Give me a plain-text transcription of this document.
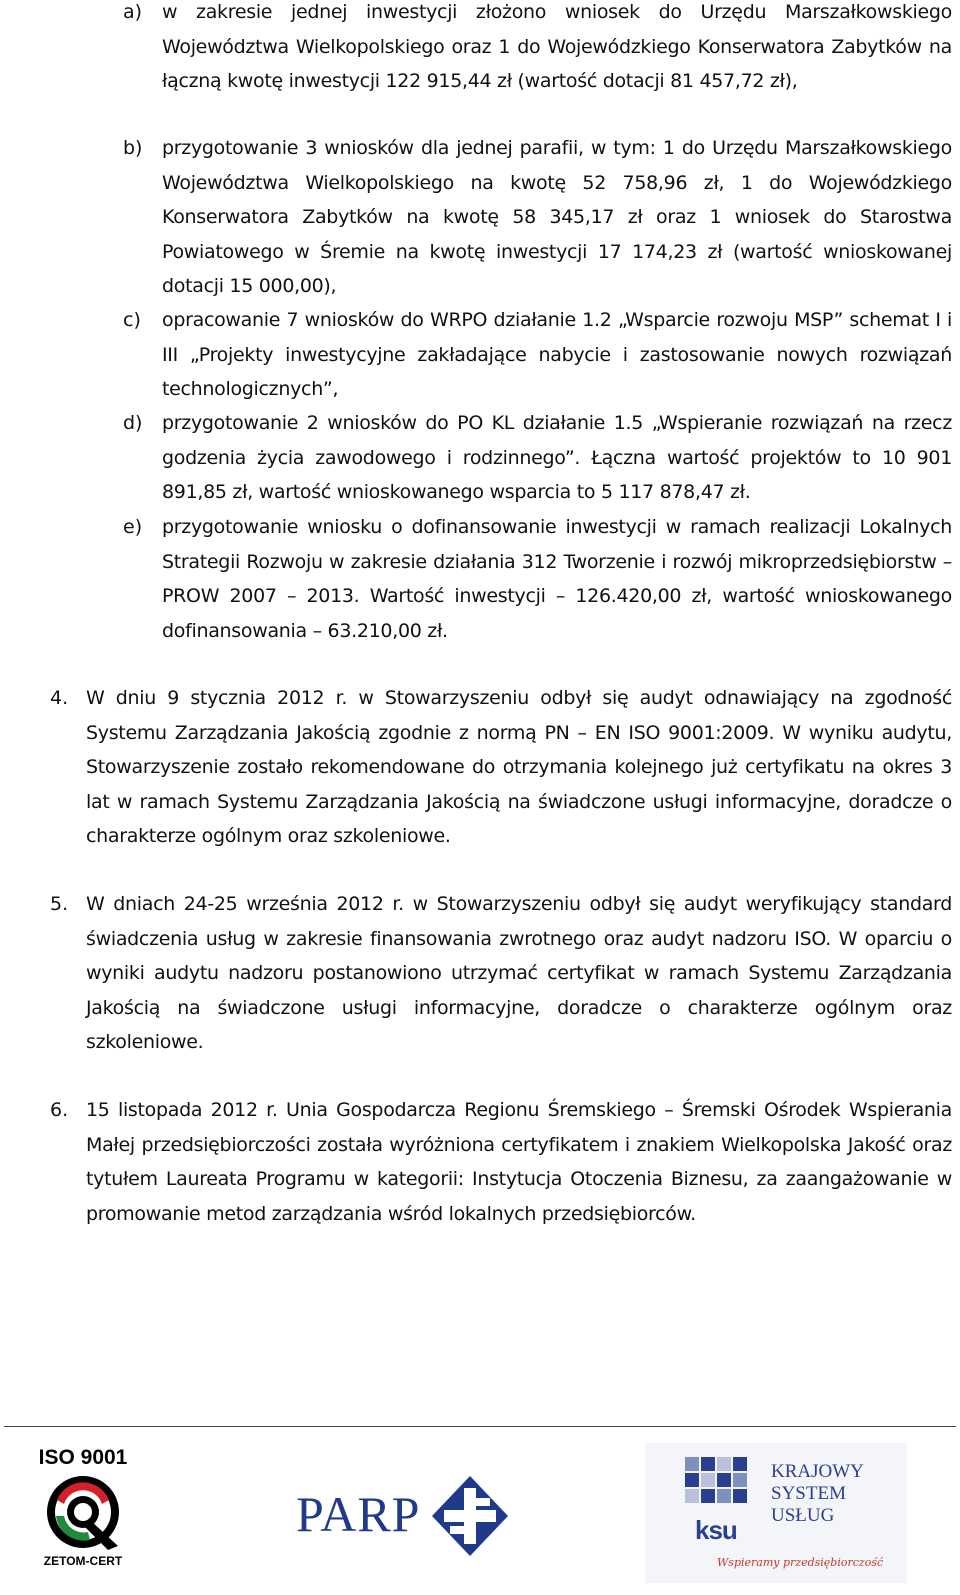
a) w zakresie jednej inwestycji złożono wniosek do Urzędu Marszałkowskiego Województwa Wielkopolskiego oraz 1 do Wojewódzkiego Konserwatora Zabytków na łączną kwotę inwestycji 122 915,44 zł (wartość dotacji 81 457,72 zł),
b) przygotowanie 3 wniosków dla jednej parafii, w tym: 1 do Urzędu Marszałkowskiego Województwa Wielkopolskiego na kwotę 52 758,96 zł, 1 do Wojewódzkiego Konserwatora Zabytków na kwotę 58 345,17 zł oraz 1 wniosek do Starostwa Powiatowego w Śremie na kwotę inwestycji 17 174,23 zł (wartość wnioskowanej dotacji 15 000,00),
c) opracowanie 7 wniosków do WRPO działanie 1.2 „Wsparcie rozwoju MSP” schemat I i III „Projekty inwestycyjne zakładające nabycie i zastosowanie nowych rozwiązań technologicznych”,
d) przygotowanie 2 wniosków do PO KL działanie 1.5 „Wspieranie rozwiązań na rzecz godzenia życia zawodowego i rodzinnego”. Łączna wartość projektów to 10 901 891,85 zł, wartość wnioskowanego wsparcia to 5 117 878,47 zł.
e) przygotowanie wniosku o dofinansowanie inwestycji w ramach realizacji Lokalnych Strategii Rozwoju w zakresie działania 312 Tworzenie i rozwój mikroprzedsiębiorstw – PROW 2007 – 2013. Wartość inwestycji – 126.420,00 zł, wartość wnioskowanego dofinansowania – 63.210,00 zł.
4. W dniu 9 stycznia 2012 r. w Stowarzyszeniu odbył się audyt odnawiający na zgodność Systemu Zarządzania Jakością zgodnie z normą PN – EN ISO 9001:2009. W wyniku audytu, Stowarzyszenie zostało rekomendowane do otrzymania kolejnego już certyfikatu na okres 3 lat w ramach Systemu Zarządzania Jakością na świadczone usługi informacyjne, doradcze o charakterze ogólnym oraz szkoleniowe.
5. W dniach 24-25 września 2012 r. w Stowarzyszeniu odbył się audyt weryfikujący standard świadczenia usług w zakresie finansowania zwrotnego oraz audyt nadzoru ISO. W oparciu o wyniki audytu nadzoru postanowiono utrzymać certyfikat w ramach Systemu Zarządzania Jakością na świadczone usługi informacyjne, doradcze o charakterze ogólnym oraz szkoleniowe.
6. 15 listopada 2012 r. Unia Gospodarcza Regionu Śremskiego – Śremski Ośrodek Wspierania Małej przedsiębiorczości została wyróżniona certyfikatem i znakiem Wielkopolska Jakość oraz tytułem Laureata Programu w kategorii: Instytucja Otoczenia Biznesu, za zaangażowanie w promowanie metod zarządzania wśród lokalnych przedsiębiorców.
ISO 9001
ZETOM-CERT
PARP
KRAJOWY
SYSTEM
USŁUG
ksu
Wspieramy przedsiębiorczość
